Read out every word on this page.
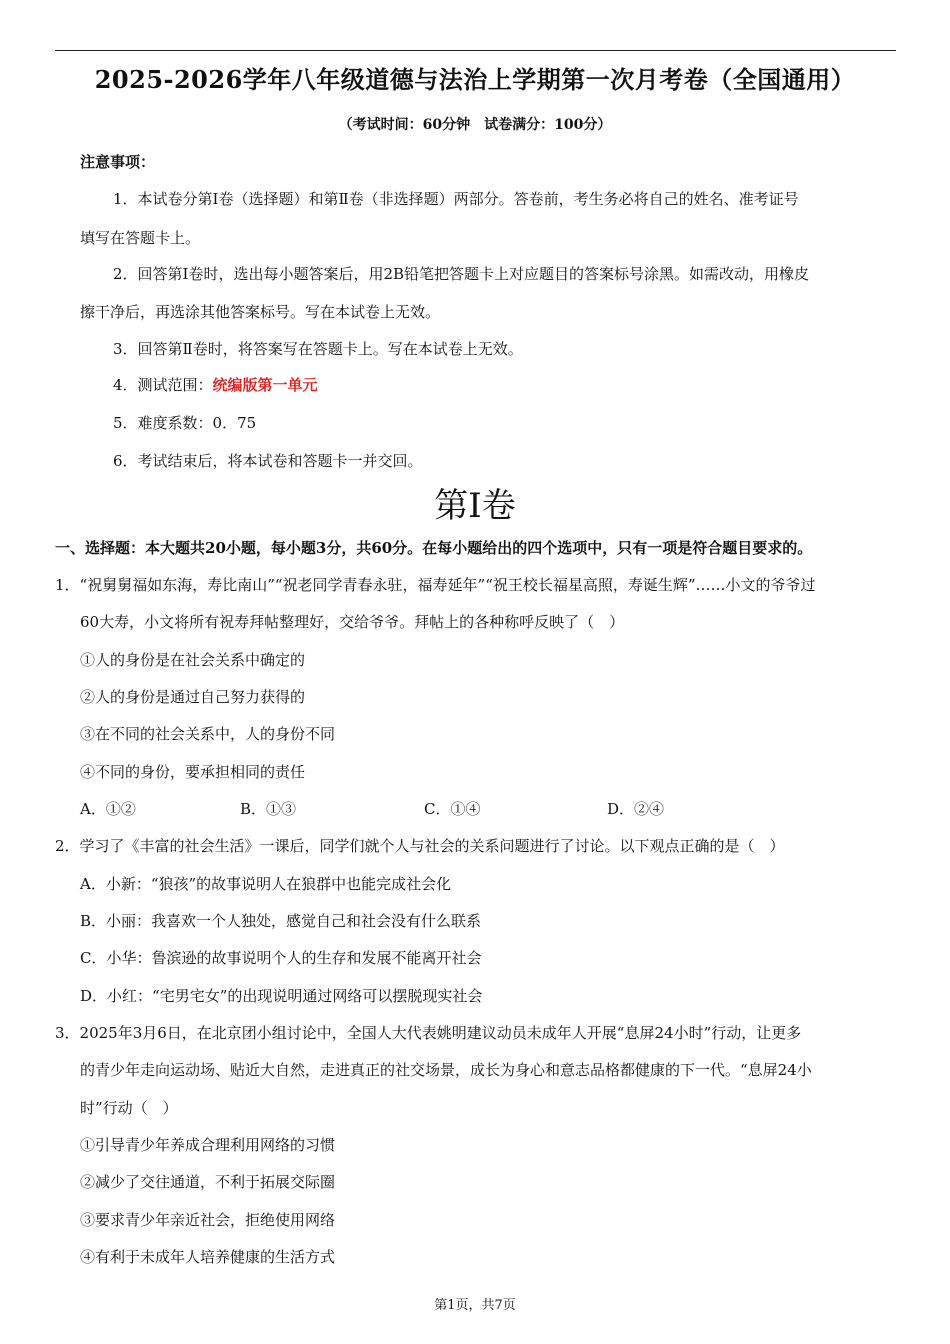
2025-2026学年八年级道德与法治上学期第一次月考卷（全国通用）
（考试时间：60分钟　试卷满分：100分）
注意事项：
1．本试卷分第Ⅰ卷（选择题）和第Ⅱ卷（非选择题）两部分。答卷前，考生务必将自己的姓名、准考证号
填写在答题卡上。
2．回答第Ⅰ卷时，选出每小题答案后，用2B铅笔把答题卡上对应题目的答案标号涂黑。如需改动，用橡皮
擦干净后，再选涂其他答案标号。写在本试卷上无效。
3．回答第Ⅱ卷时，将答案写在答题卡上。写在本试卷上无效。
4．测试范围：统编版第一单元
5．难度系数：0．75
6．考试结束后，将本试卷和答题卡一并交回。
第Ⅰ卷
一、选择题：本大题共20小题，每小题3分，共60分。在每小题给出的四个选项中，只有一项是符合题目要求的。
1．“祝舅舅福如东海，寿比南山”“祝老同学青春永驻，福寿延年”“祝王校长福星高照，寿诞生辉”……小文的爷爷过
60大寿，小文将所有祝寿拜帖整理好，交给爷爷。拜帖上的各种称呼反映了（　）
①人的身份是在社会关系中确定的
②人的身份是通过自己努力获得的
③在不同的社会关系中，人的身份不同
④不同的身份，要承担相同的责任
A．①②	B．①③	C．①④	D．②④
2．学习了《丰富的社会生活》一课后，同学们就个人与社会的关系问题进行了讨论。以下观点正确的是（　）
A．小新：“狼孩”的故事说明人在狼群中也能完成社会化
B．小丽：我喜欢一个人独处，感觉自己和社会没有什么联系
C．小华：鲁滨逊的故事说明个人的生存和发展不能离开社会
D．小红：“宅男宅女”的出现说明通过网络可以摆脱现实社会
3．2025年3月6日，在北京团小组讨论中，全国人大代表姚明建议动员未成年人开展“息屏24小时”行动，让更多
的青少年走向运动场、贴近大自然，走进真正的社交场景，成长为身心和意志品格都健康的下一代。“息屏24小
时”行动（　）
①引导青少年养成合理利用网络的习惯
②减少了交往通道，不利于拓展交际圈
③要求青少年亲近社会，拒绝使用网络
④有利于未成年人培养健康的生活方式
第1页，共7页
